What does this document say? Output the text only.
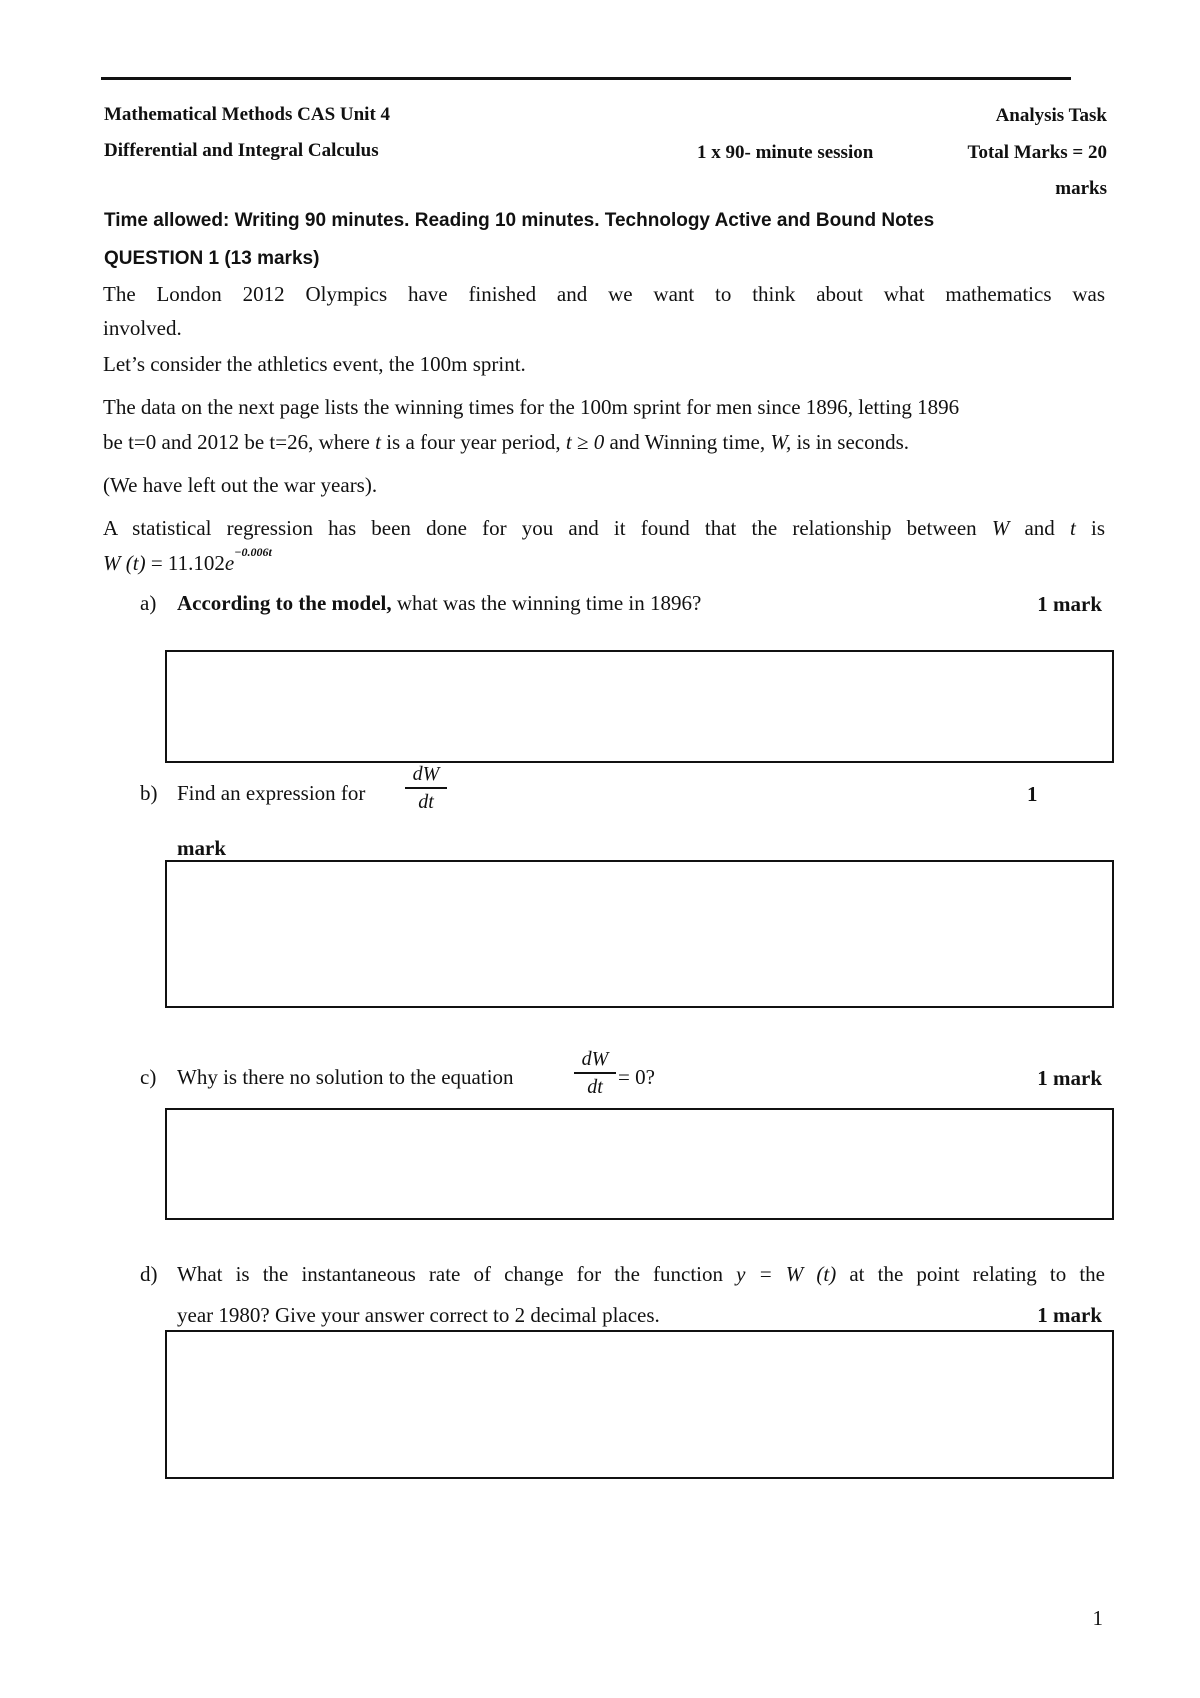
Mathematical Methods CAS Unit 4
Differential and Integral Calculus
Analysis Task
1 x 90- minute session	Total Marks = 20
marks
Time allowed: Writing 90 minutes. Reading 10 minutes. Technology Active and Bound Notes
QUESTION 1 (13 marks)
The London 2012 Olympics have finished and we want to think about what mathematics was
involved.
Let’s consider the athletics event, the 100m sprint.
The data on the next page lists the winning times for the 100m sprint for men since 1896, letting 1896
be t=0 and 2012 be t=26, where t is a four year period, t ≥ 0 and Winning time, W, is in seconds.
(We have left out the war years).
A statistical regression has been done for you and it found that the relationship between W and t is
W $(t) = 11.102e^{-0.006t}$
a) According to the model, what was the winning time in 1896?	1 mark
b) Find an expression for
dW
dt	1
mark
c) Why is there no solution to the equation
dW
dt = 0?	1 mark
d) What is the instantaneous rate of change for the function y = W (t) at the point relating to the
year 1980? Give your answer correct to 2 decimal places.	1 mark
1
